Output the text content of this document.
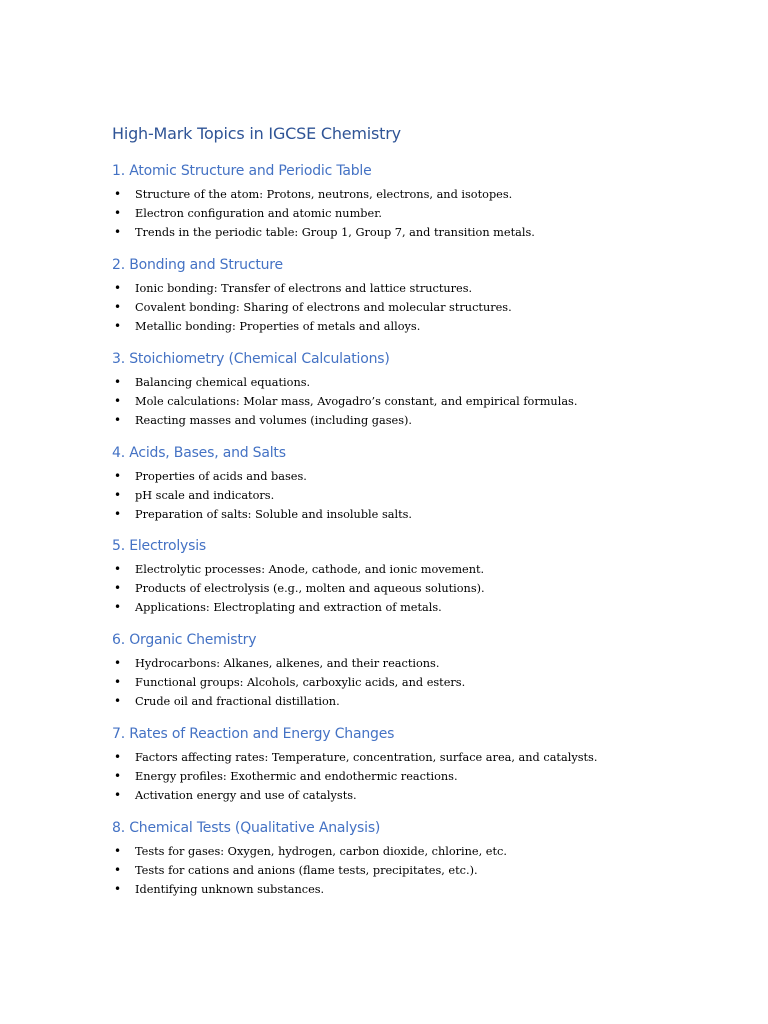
High-Mark Topics in IGCSE Chemistry
1. Atomic Structure and Periodic Table
• Structure of the atom: Protons, neutrons, electrons, and isotopes.
• Electron configuration and atomic number.
• Trends in the periodic table: Group 1, Group 7, and transition metals.
2. Bonding and Structure
• Ionic bonding: Transfer of electrons and lattice structures.
• Covalent bonding: Sharing of electrons and molecular structures.
• Metallic bonding: Properties of metals and alloys.
3. Stoichiometry (Chemical Calculations)
• Balancing chemical equations.
• Mole calculations: Molar mass, Avogadro’s constant, and empirical formulas.
• Reacting masses and volumes (including gases).
4. Acids, Bases, and Salts
• Properties of acids and bases.
• pH scale and indicators.
• Preparation of salts: Soluble and insoluble salts.
5. Electrolysis
• Electrolytic processes: Anode, cathode, and ionic movement.
• Products of electrolysis (e.g., molten and aqueous solutions).
• Applications: Electroplating and extraction of metals.
6. Organic Chemistry
• Hydrocarbons: Alkanes, alkenes, and their reactions.
• Functional groups: Alcohols, carboxylic acids, and esters.
• Crude oil and fractional distillation.
7. Rates of Reaction and Energy Changes
• Factors affecting rates: Temperature, concentration, surface area, and catalysts.
• Energy profiles: Exothermic and endothermic reactions.
• Activation energy and use of catalysts.
8. Chemical Tests (Qualitative Analysis)
• Tests for gases: Oxygen, hydrogen, carbon dioxide, chlorine, etc.
• Tests for cations and anions (flame tests, precipitates, etc.).
• Identifying unknown substances.
